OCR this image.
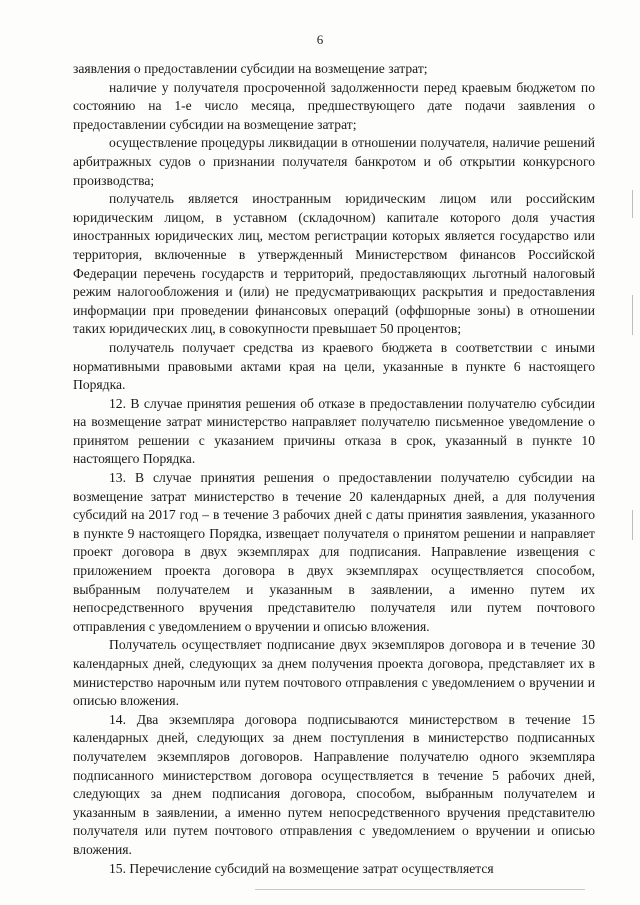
6

заявления о предоставлении субсидии на возмещение затрат;

наличие у получателя просроченной задолженности перед краевым бюджетом по состоянию на 1-е число месяца, предшествующего дате подачи заявления о предоставлении субсидии на возмещение затрат;

осуществление процедуры ликвидации в отношении получателя, наличие решений арбитражных судов о признании получателя банкротом и об открытии конкурсного производства;

получатель является иностранным юридическим лицом или российским юридическим лицом, в уставном (складочном) капитале которого доля участия иностранных юридических лиц, местом регистрации которых является государство или территория, включенные в утвержденный Министерством финансов Российской Федерации перечень государств и территорий, предоставляющих льготный налоговый режим налогообложения и (или) не предусматривающих раскрытия и предоставления информации при проведении финансовых операций (оффшорные зоны) в отношении таких юридических лиц, в совокупности превышает 50 процентов;

получатель получает средства из краевого бюджета в соответствии с иными нормативными правовыми актами края на цели, указанные в пункте 6 настоящего Порядка.

12. В случае принятия решения об отказе в предоставлении получателю субсидии на возмещение затрат министерство направляет получателю письменное уведомление о принятом решении с указанием причины отказа в срок, указанный в пункте 10 настоящего Порядка.

13. В случае принятия решения о предоставлении получателю субсидии на возмещение затрат министерство в течение 20 календарных дней, а для получения субсидий на 2017 год – в течение 3 рабочих дней с даты принятия заявления, указанного в пункте 9 настоящего Порядка, извещает получателя о принятом решении и направляет проект договора в двух экземплярах для подписания. Направление извещения с приложением проекта договора в двух экземплярах осуществляется способом, выбранным получателем и указанным в заявлении, а именно путем их непосредственного вручения представителю получателя или путем почтового отправления с уведомлением о вручении и описью вложения.

Получатель осуществляет подписание двух экземпляров договора и в течение 30 календарных дней, следующих за днем получения проекта договора, представляет их в министерство нарочным или путем почтового отправления с уведомлением о вручении и описью вложения.

14. Два экземпляра договора подписываются министерством в течение 15 календарных дней, следующих за днем поступления в министерство подписанных получателем экземпляров договоров. Направление получателю одного экземпляра подписанного министерством договора осуществляется в течение 5 рабочих дней, следующих за днем подписания договора, способом, выбранным получателем и указанным в заявлении, а именно путем непосредственного вручения представителю получателя или путем почтового отправления с уведомлением о вручении и описью вложения.

15. Перечисление субсидий на возмещение затрат осуществляется
